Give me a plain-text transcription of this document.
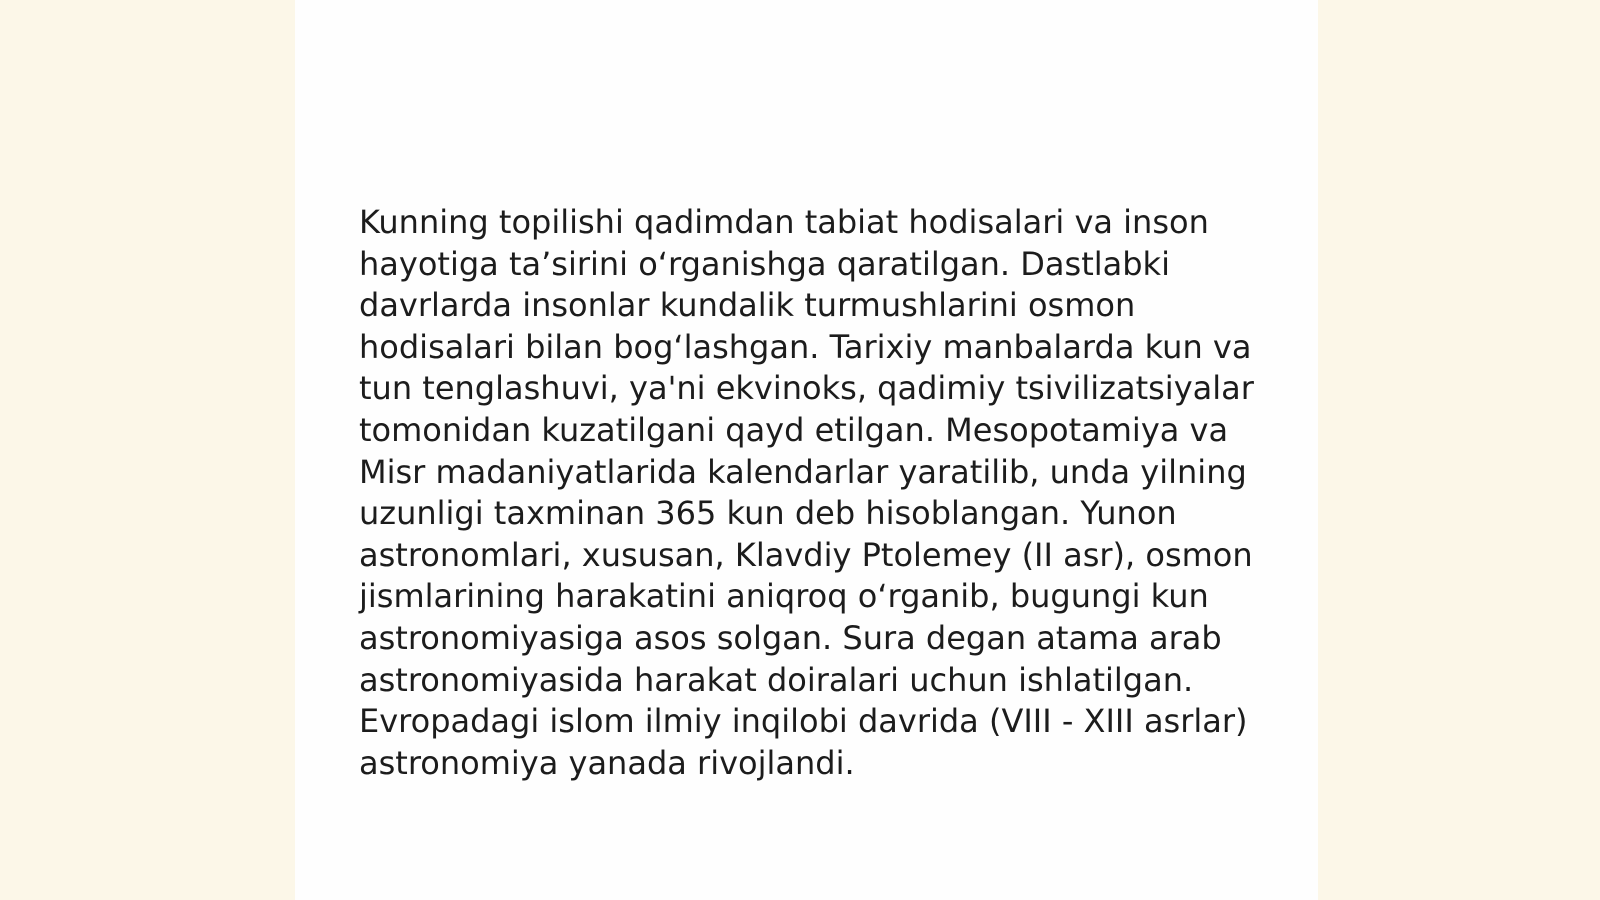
Kunning topilishi qadimdan tabiat hodisalari va inson hayotiga ta’sirini o‘rganishga qaratilgan. Dastlabki davrlarda insonlar kundalik turmushlarini osmon hodisalari bilan bog‘lashgan. Tarixiy manbalarda kun va tun tenglashuvi, ya'ni ekvinoks, qadimiy tsivilizatsiyalar tomonidan kuzatilgani qayd etilgan. Mesopotamiya va Misr madaniyatlarida kalendarlar yaratilib, unda yilning uzunligi taxminan 365 kun deb hisoblangan. Yunon astronomlari, xususan, Klavdiy Ptolemey (II asr), osmon jismlarining harakatini aniqroq o‘rganib, bugungi kun astronomiyasiga asos solgan. Sura degan atama arab astronomiyasida harakat doiralari uchun ishlatilgan. Evropadagi islom ilmiy inqilobi davrida (VIII - XIII asrlar) astronomiya yanada rivojlandi.
